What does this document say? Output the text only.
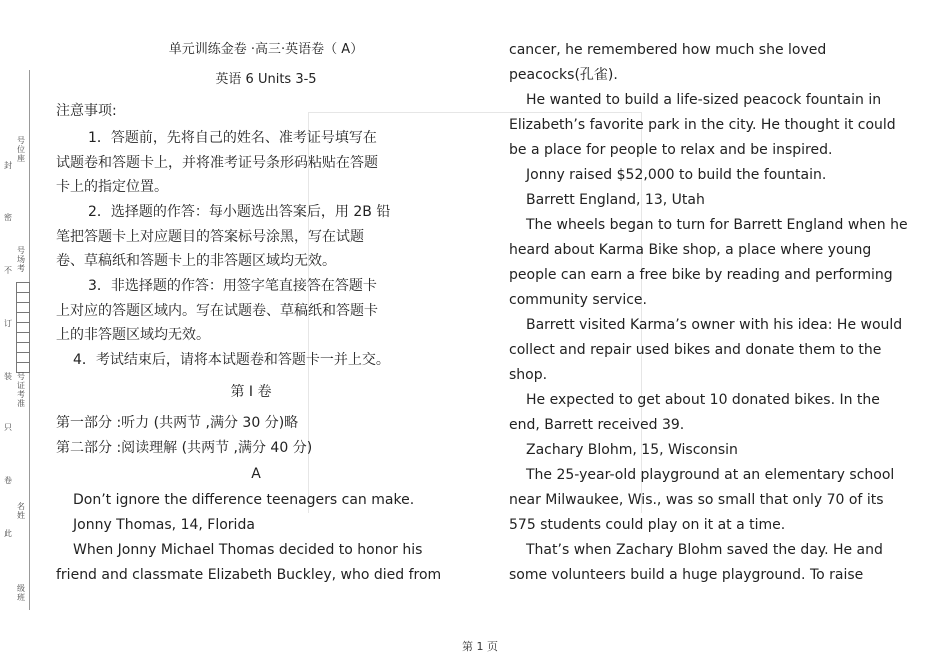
封
密
不
订
装
只
卷
此
号位座
号场考
号证考准
名姓
级班
单元训练金卷 ·高三·英语卷（ A）
英语 6 Units 3-5
注意事项:
1．答题前，先将自己的姓名、准考证号填写在
试题卷和答题卡上，并将准考证号条形码粘贴在答题
卡上的指定位置。
2．选择题的作答：每小题选出答案后，用 2B 铅
笔把答题卡上对应题目的答案标号涂黑，写在试题
卷、草稿纸和答题卡上的非答题区域均无效。
3．非选择题的作答：用签字笔直接答在答题卡
上对应的答题区域内。写在试题卷、草稿纸和答题卡
上的非答题区域均无效。
4．考试结束后，请将本试题卷和答题卡一并上交。
第 Ⅰ 卷
第一部分 :听力 (共两节 ,满分 30 分)略
第二部分 :阅读理解 (共两节 ,满分 40 分)
A
Don’t ignore the difference teenagers can make.
Jonny Thomas, 14, Florida
When Jonny Michael Thomas decided to honor his
friend and classmate Elizabeth Buckley, who died from

cancer, he remembered how much she loved peacocks(孔雀).

He wanted to build a life-sized peacock fountain in Elizabeth’s favorite park in the city. He thought it could be a place for people to relax and be inspired.

Jonny raised $52,000 to build the fountain.

Barrett England, 13, Utah

The wheels began to turn for Barrett England when he heard about Karma Bike shop, a place where young people can earn a free bike by reading and performing community service.

Barrett visited Karma’s owner with his idea: He would collect and repair used bikes and donate them to the shop.

He expected to get about 10 donated bikes. In the end, Barrett received 39.

Zachary Blohm, 15, Wisconsin

The 25-year-old playground at an elementary school near Milwaukee, Wis., was so small that only 70 of its 575 students could play on it at a time.

That’s when Zachary Blohm saved the day. He and some volunteers build a huge playground. To raise

第 1 页
